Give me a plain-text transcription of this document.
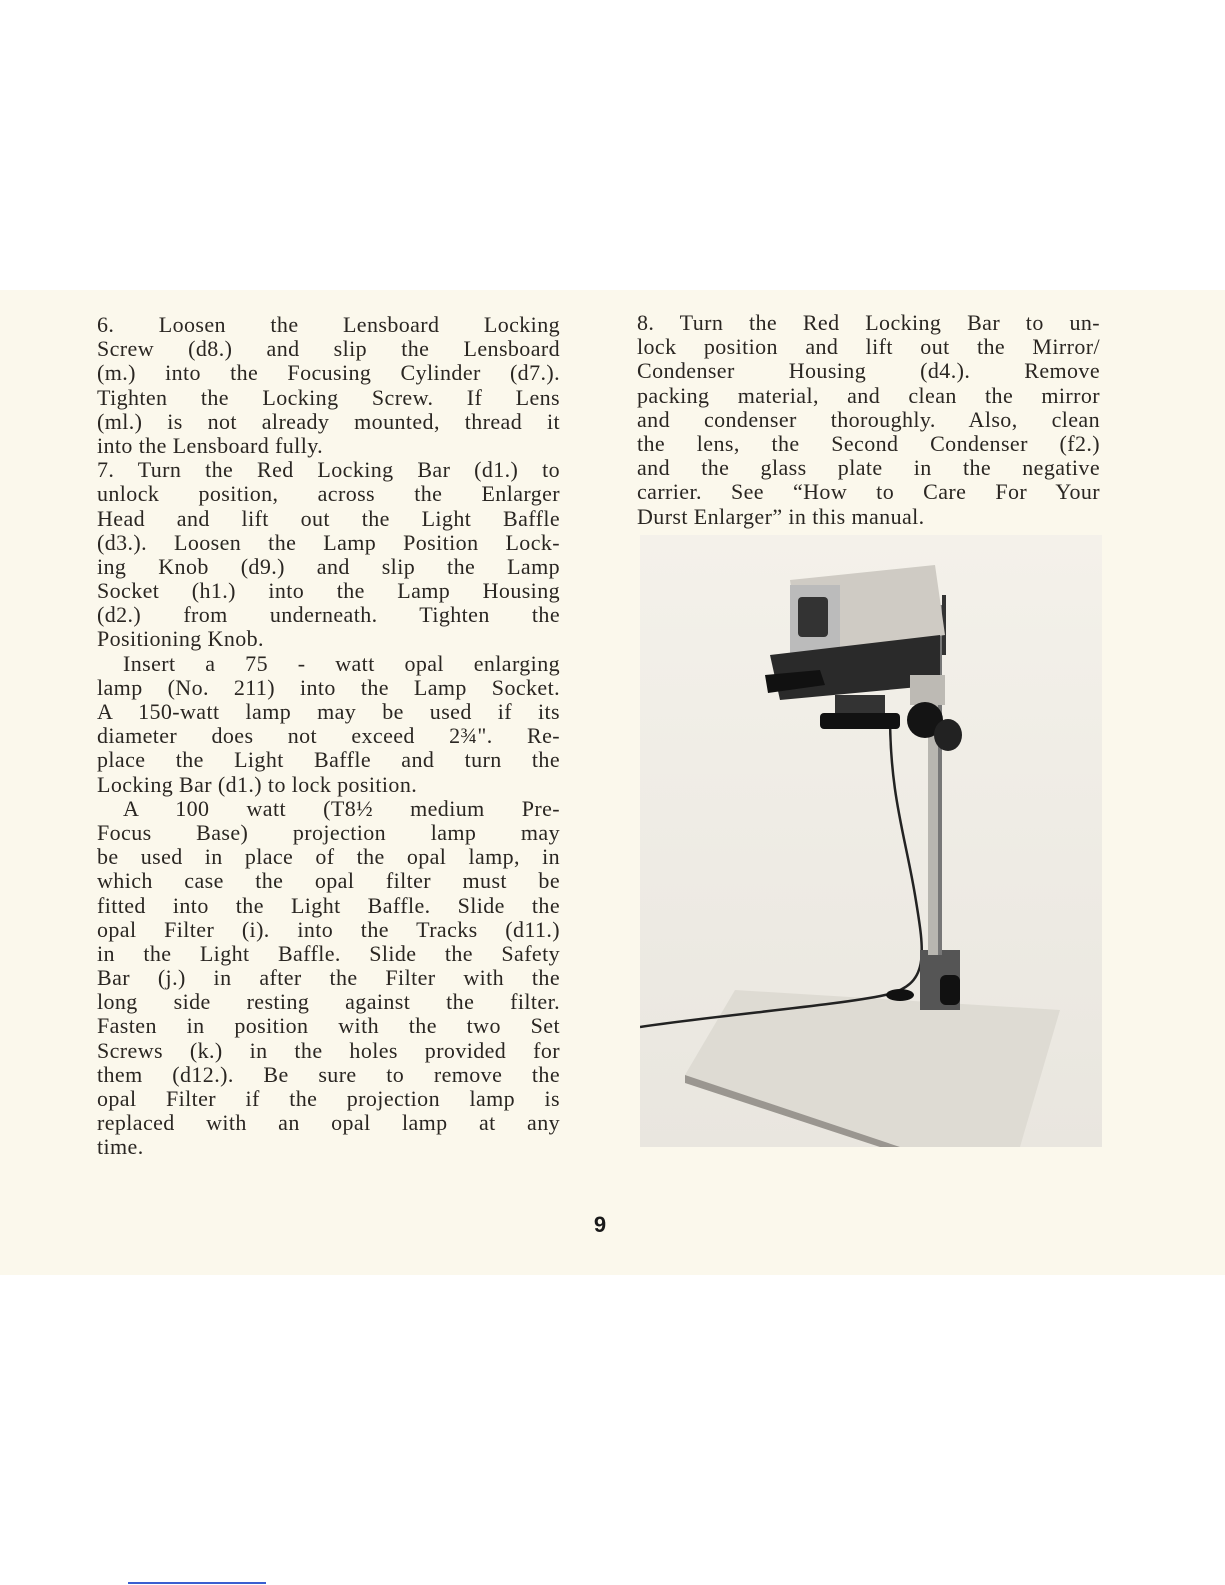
6. Loosen the Lensboard Locking
Screw (d8.) and slip the Lensboard
(m.) into the Focusing Cylinder (d7.).
Tighten the Locking Screw. If Lens
(ml.) is not already mounted, thread it
into the Lensboard fully.
7. Turn the Red Locking Bar (d1.) to
unlock position, across the Enlarger
Head and lift out the Light Baffle
(d3.). Loosen the Lamp Position Lock-
ing Knob (d9.) and slip the Lamp
Socket (h1.) into the Lamp Housing
(d2.) from underneath. Tighten the
Positioning Knob.
Insert a 75 - watt opal enlarging
lamp (No. 211) into the Lamp Socket.
A 150-watt lamp may be used if its
diameter does not exceed 2¾". Re-
place the Light Baffle and turn the
Locking Bar (d1.) to lock position.
A 100 watt (T8½ medium Pre-
Focus Base) projection lamp may
be used in place of the opal lamp, in
which case the opal filter must be
fitted into the Light Baffle. Slide the
opal Filter (i). into the Tracks (d11.)
in the Light Baffle. Slide the Safety
Bar (j.) in after the Filter with the
long side resting against the filter.
Fasten in position with the two Set
Screws (k.) in the holes provided for
them (d12.). Be sure to remove the
opal Filter if the projection lamp is
replaced with an opal lamp at any
time.
8. Turn the Red Locking Bar to un-
lock position and lift out the Mirror/
Condenser Housing (d4.). Remove
packing material, and clean the mirror
and condenser thoroughly. Also, clean
the lens, the Second Condenser (f2.)
and the glass plate in the negative
carrier. See “How to Care For Your
Durst Enlarger” in this manual.
9
